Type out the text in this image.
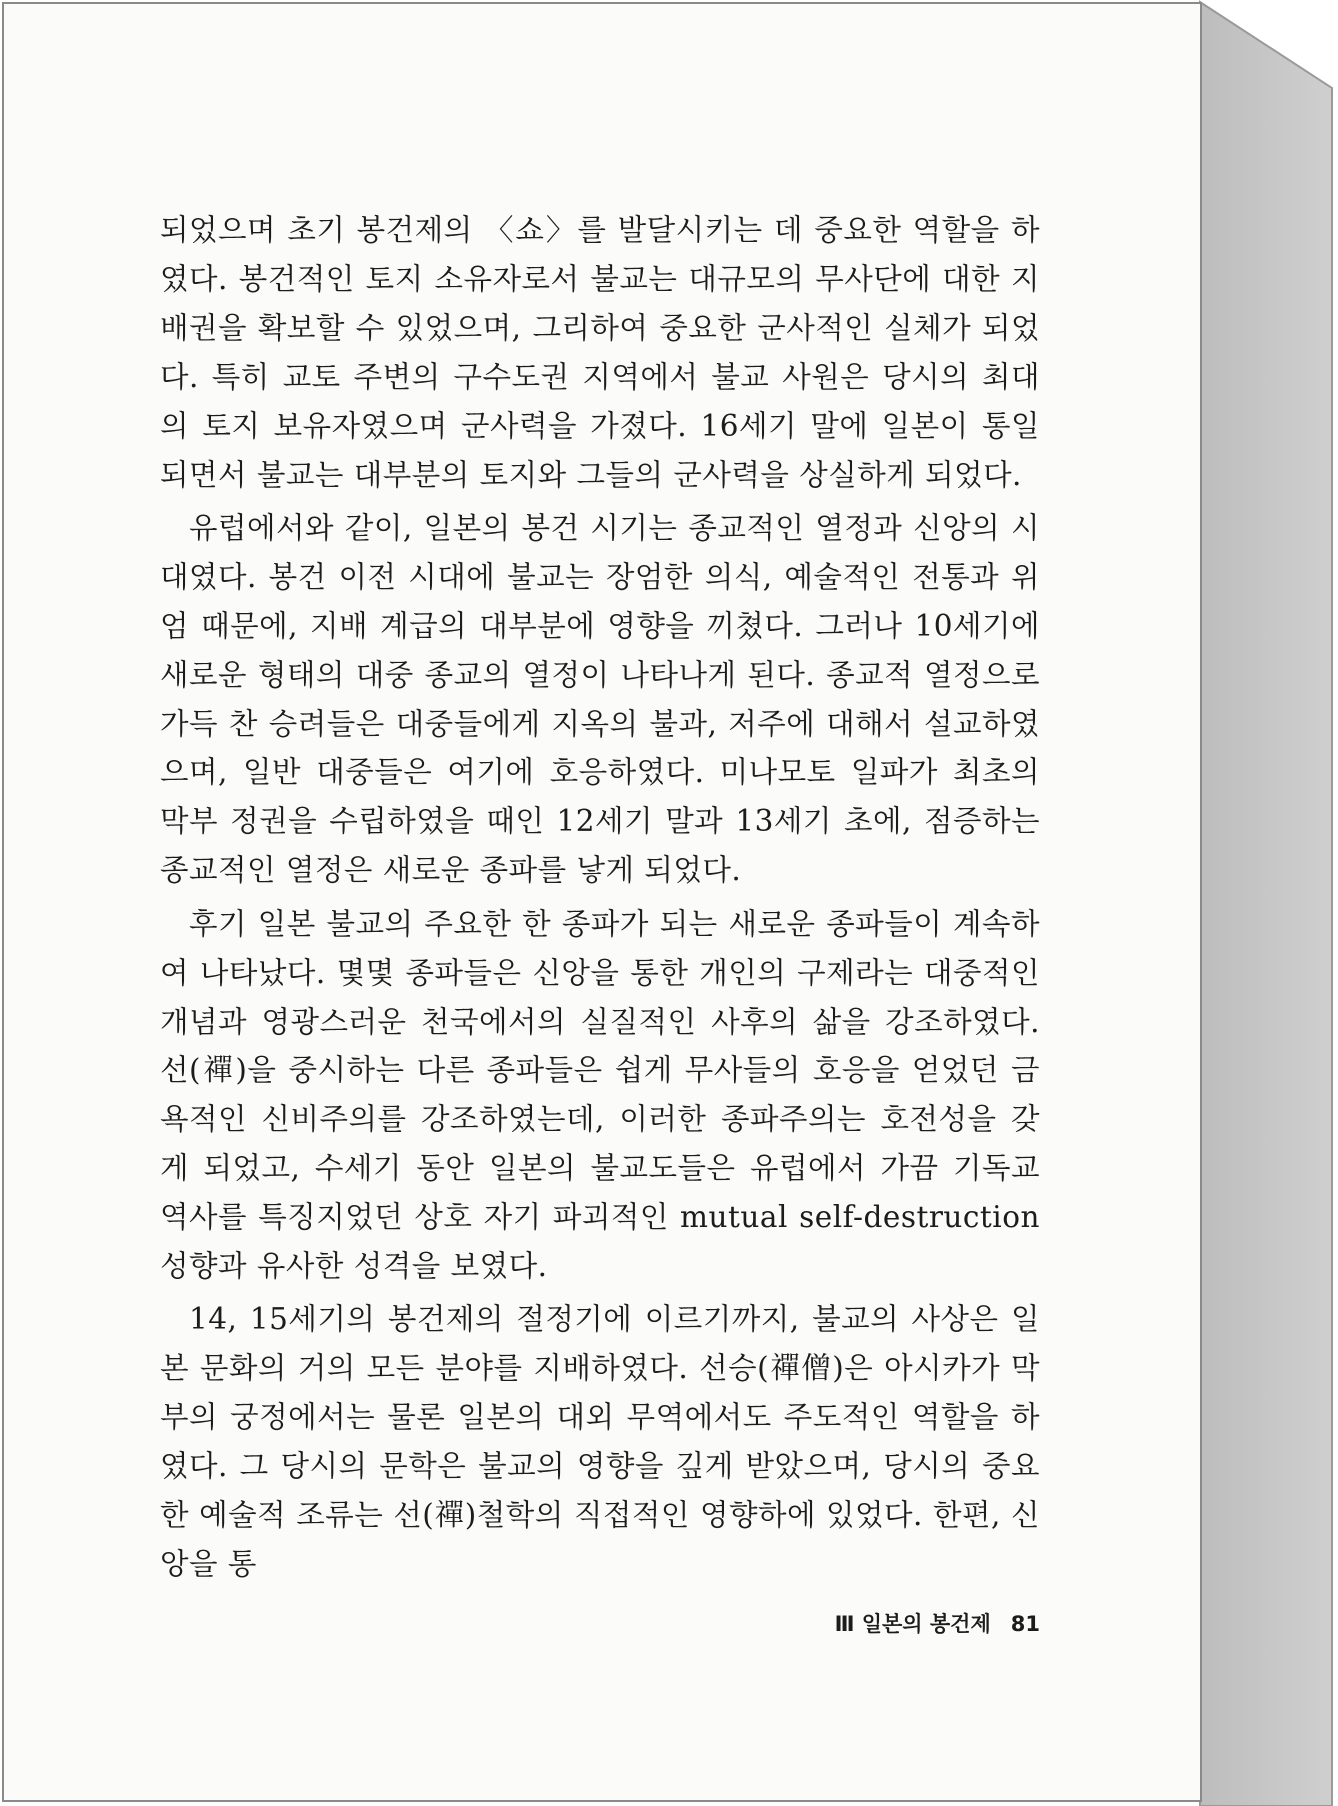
되었으며 초기 봉건제의 〈쇼〉를 발달시키는 데 중요한 역할을 하였다. 봉건적인 토지 소유자로서 불교는 대규모의 무사단에 대한 지배권을 확보할 수 있었으며, 그리하여 중요한 군사적인 실체가 되었다. 특히 교토 주변의 구수도권 지역에서 불교 사원은 당시의 최대의 토지 보유자였으며 군사력을 가졌다. 16세기 말에 일본이 통일되면서 불교는 대부분의 토지와 그들의 군사력을 상실하게 되었다.

유럽에서와 같이, 일본의 봉건 시기는 종교적인 열정과 신앙의 시대였다. 봉건 이전 시대에 불교는 장엄한 의식, 예술적인 전통과 위엄 때문에, 지배 계급의 대부분에 영향을 끼쳤다. 그러나 10세기에 새로운 형태의 대중 종교의 열정이 나타나게 된다. 종교적 열정으로 가득 찬 승려들은 대중들에게 지옥의 불과, 저주에 대해서 설교하였으며, 일반 대중들은 여기에 호응하였다. 미나모토 일파가 최초의 막부 정권을 수립하였을 때인 12세기 말과 13세기 초에, 점증하는 종교적인 열정은 새로운 종파를 낳게 되었다.

후기 일본 불교의 주요한 한 종파가 되는 새로운 종파들이 계속하여 나타났다. 몇몇 종파들은 신앙을 통한 개인의 구제라는 대중적인 개념과 영광스러운 천국에서의 실질적인 사후의 삶을 강조하였다. 선(禪)을 중시하는 다른 종파들은 쉽게 무사들의 호응을 얻었던 금욕적인 신비주의를 강조하였는데, 이러한 종파주의는 호전성을 갖게 되었고, 수세기 동안 일본의 불교도들은 유럽에서 가끔 기독교 역사를 특징지었던 상호 자기 파괴적인 mutual self-destruction 성향과 유사한 성격을 보였다.

14, 15세기의 봉건제의 절정기에 이르기까지, 불교의 사상은 일본 문화의 거의 모든 분야를 지배하였다. 선승(禪僧)은 아시카가 막부의 궁정에서는 물론 일본의 대외 무역에서도 주도적인 역할을 하였다. 그 당시의 문학은 불교의 영향을 깊게 받았으며, 당시의 중요한 예술적 조류는 선(禪)철학의 직접적인 영향하에 있었다. 한편, 신앙을 통

Ⅲ 일본의 봉건제 81
